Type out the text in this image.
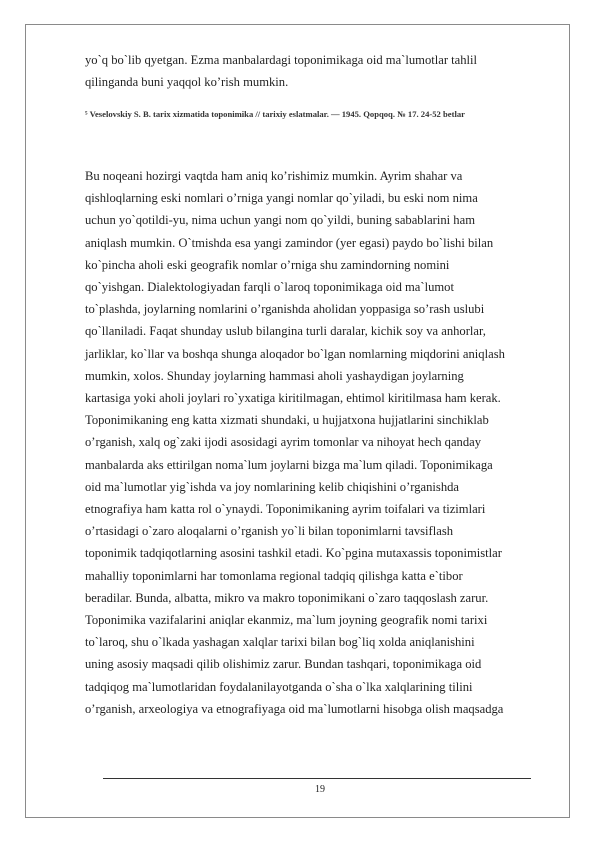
yo`q bo`lib qyetgan. Ezma manbalardagi toponimikaga oid ma`lumotlar tahlil

qilinganda buni yaqqol ko’rish mumkin.

⁵ Veselovskiy S. B. tarix xizmatida toponimika // tarixiy eslatmalar. — 1945. Qopqoq. № 17. 24-52 betlar

Bu noqeani hozirgi vaqtda ham aniq ko’rishimiz mumkin. Ayrim shahar va

qishloqlarning eski nomlari o’rniga yangi nomlar qo`yiladi, bu eski nom nima

uchun yo`qotildi-yu, nima uchun yangi nom qo`yildi, buning sabablarini ham

aniqlash mumkin. O`tmishda esa yangi zamindor (yer egasi) paydo bo`lishi bilan

ko`pincha aholi eski geografik nomlar o’rniga shu zamindorning nomini

qo`yishgan. Dialektologiyadan farqli o`laroq toponimikaga oid ma`lumot

to`plashda, joylarning nomlarini o’rganishda aholidan yoppasiga so’rash uslubi

qo`llaniladi. Faqat shunday uslub bilangina turli daralar, kichik soy va anhorlar,

jarliklar, ko`llar va boshqa shunga aloqador bo`lgan nomlarning miqdorini aniqlash

mumkin, xolos. Shunday joylarning hammasi aholi yashaydigan joylarning

kartasiga yoki aholi joylari ro`yxatiga kiritilmagan, ehtimol kiritilmasa ham kerak.

Toponimikaning eng katta xizmati shundaki, u hujjatxona hujjatlarini sinchiklab

o’rganish, xalq og`zaki ijodi asosidagi ayrim tomonlar va nihoyat hech qanday

manbalarda aks ettirilgan noma`lum joylarni bizga ma`lum qiladi. Toponimikaga

oid ma`lumotlar yig`ishda va joy nomlarining kelib chiqishini o’rganishda

etnografiya ham katta rol o`ynaydi. Toponimikaning ayrim toifalari va tizimlari

o’rtasidagi o`zaro aloqalarni o’rganish yo`li bilan toponimlarni tavsiflash

toponimik tadqiqotlarning asosini tashkil etadi. Ko`pgina mutaxassis toponimistlar

mahalliy toponimlarni har tomonlama regional tadqiq qilishga katta e`tibor

beradilar. Bunda, albatta, mikro va makro toponimikani o`zaro taqqoslash zarur.

Toponimika vazifalarini aniqlar ekanmiz, ma`lum joyning geografik nomi tarixi

to`laroq, shu o`lkada yashagan xalqlar tarixi bilan bog`liq xolda aniqlanishini

uning asosiy maqsadi qilib olishimiz zarur. Bundan tashqari, toponimikaga oid

tadqiqog ma`lumotlaridan foydalanilayotganda o`sha o`lka xalqlarining tilini

o’rganish, arxeologiya va etnografiyaga oid ma`lumotlarni hisobga olish maqsadga

19
